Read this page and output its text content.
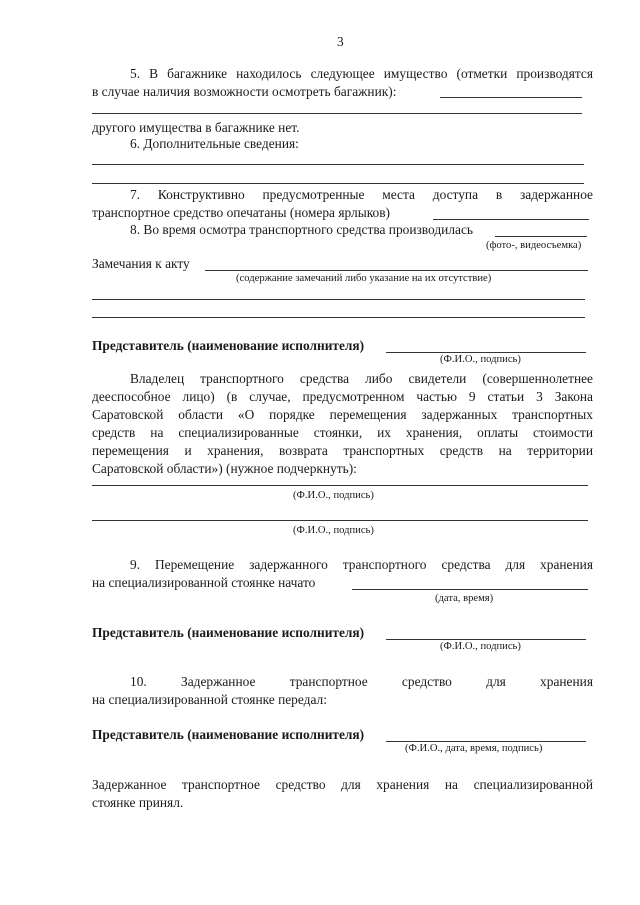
3
5. В багажнике находилось следующее имущество (отметки производятся
в случае наличия возможности осмотреть багажник):
другого имущества в багажнике нет.
6. Дополнительные сведения:
7. Конструктивно предусмотренные места доступа в задержанное
транспортное средство опечатаны (номера ярлыков)
8. Во время осмотра транспортного средства производилась
(фото-, видеосъемка)
Замечания к акту
(содержание замечаний либо указание на их отсутствие)
Представитель (наименование исполнителя)
(Ф.И.О., подпись)
Владелец транспортного средства либо свидетели (совершеннолетнее
дееспособное лицо) (в случае, предусмотренном частью 9 статьи 3 Закона
Саратовской области «О порядке перемещения задержанных транспортных
средств на специализированные стоянки, их хранения, оплаты стоимости
перемещения и хранения, возврата транспортных средств на территории
Саратовской области») (нужное подчеркнуть):
(Ф.И.О., подпись)
(Ф.И.О., подпись)
9. Перемещение задержанного транспортного средства для хранения
на специализированной стоянке начато
(дата, время)
Представитель (наименование исполнителя)
(Ф.И.О., подпись)
10. Задержанное транспортное средство для хранения
на специализированной стоянке передал:
Представитель (наименование исполнителя)
(Ф.И.О., дата, время, подпись)
Задержанное транспортное средство для хранения на специализированной
стоянке принял.
